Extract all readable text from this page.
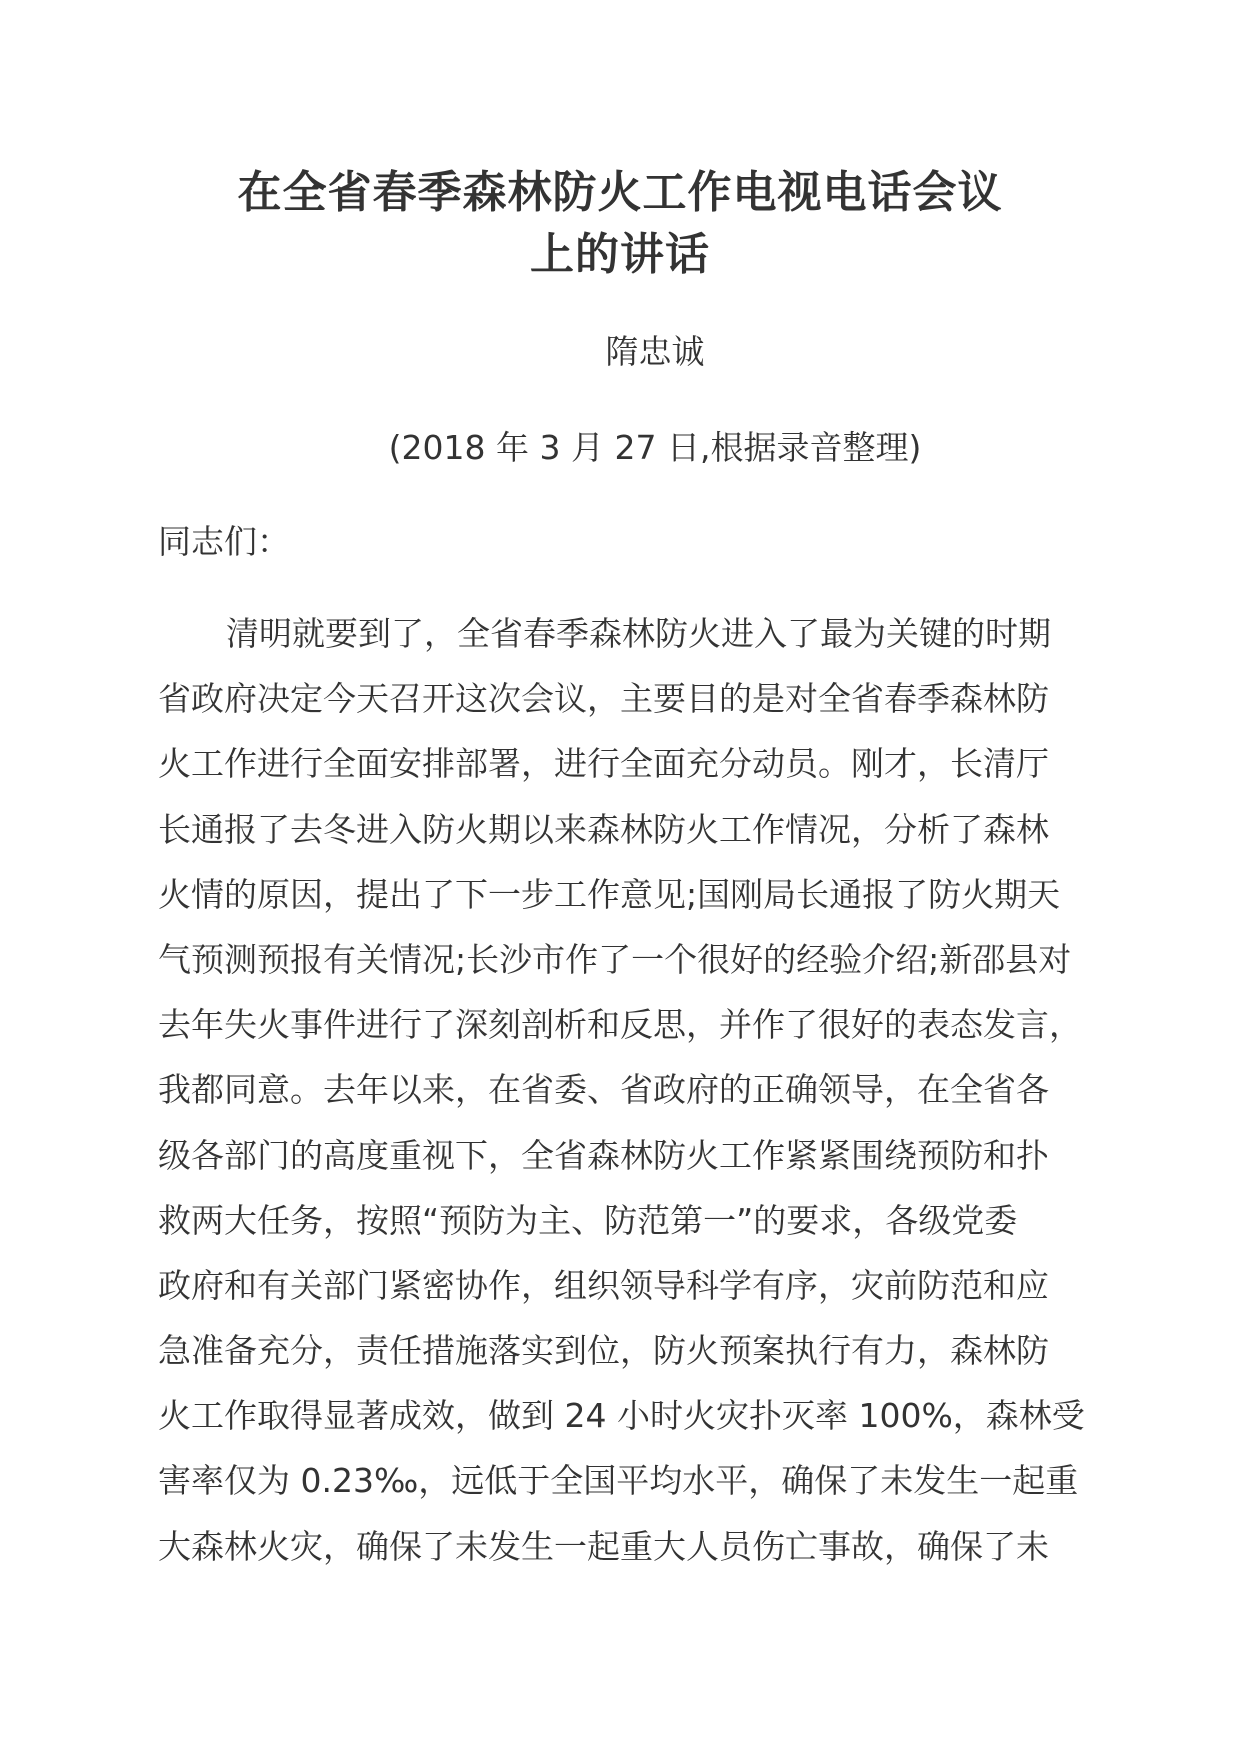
在全省春季森林防火工作电视电话会议
上的讲话
隋忠诚
(2018 年 3 月 27 日,根据录音整理)
同志们：
清明就要到了，全省春季森林防火进入了最为关键的时期
省政府决定今天召开这次会议，主要目的是对全省春季森林防
火工作进行全面安排部署，进行全面充分动员。刚才，长清厅
长通报了去冬进入防火期以来森林防火工作情况，分析了森林
火情的原因，提出了下一步工作意见;国刚局长通报了防火期天
气预测预报有关情况;长沙市作了一个很好的经验介绍;新邵县对
去年失火事件进行了深刻剖析和反思，并作了很好的表态发言，
我都同意。去年以来，在省委、省政府的正确领导，在全省各
级各部门的高度重视下，全省森林防火工作紧紧围绕预防和扑
救两大任务，按照“预防为主、防范第一”的要求，各级党委
政府和有关部门紧密协作，组织领导科学有序，灾前防范和应
急准备充分，责任措施落实到位，防火预案执行有力，森林防
火工作取得显著成效，做到 24 小时火灾扑灭率 100%，森林受
害率仅为 0.23‰，远低于全国平均水平，确保了未发生一起重
大森林火灾，确保了未发生一起重大人员伤亡事故，确保了未
